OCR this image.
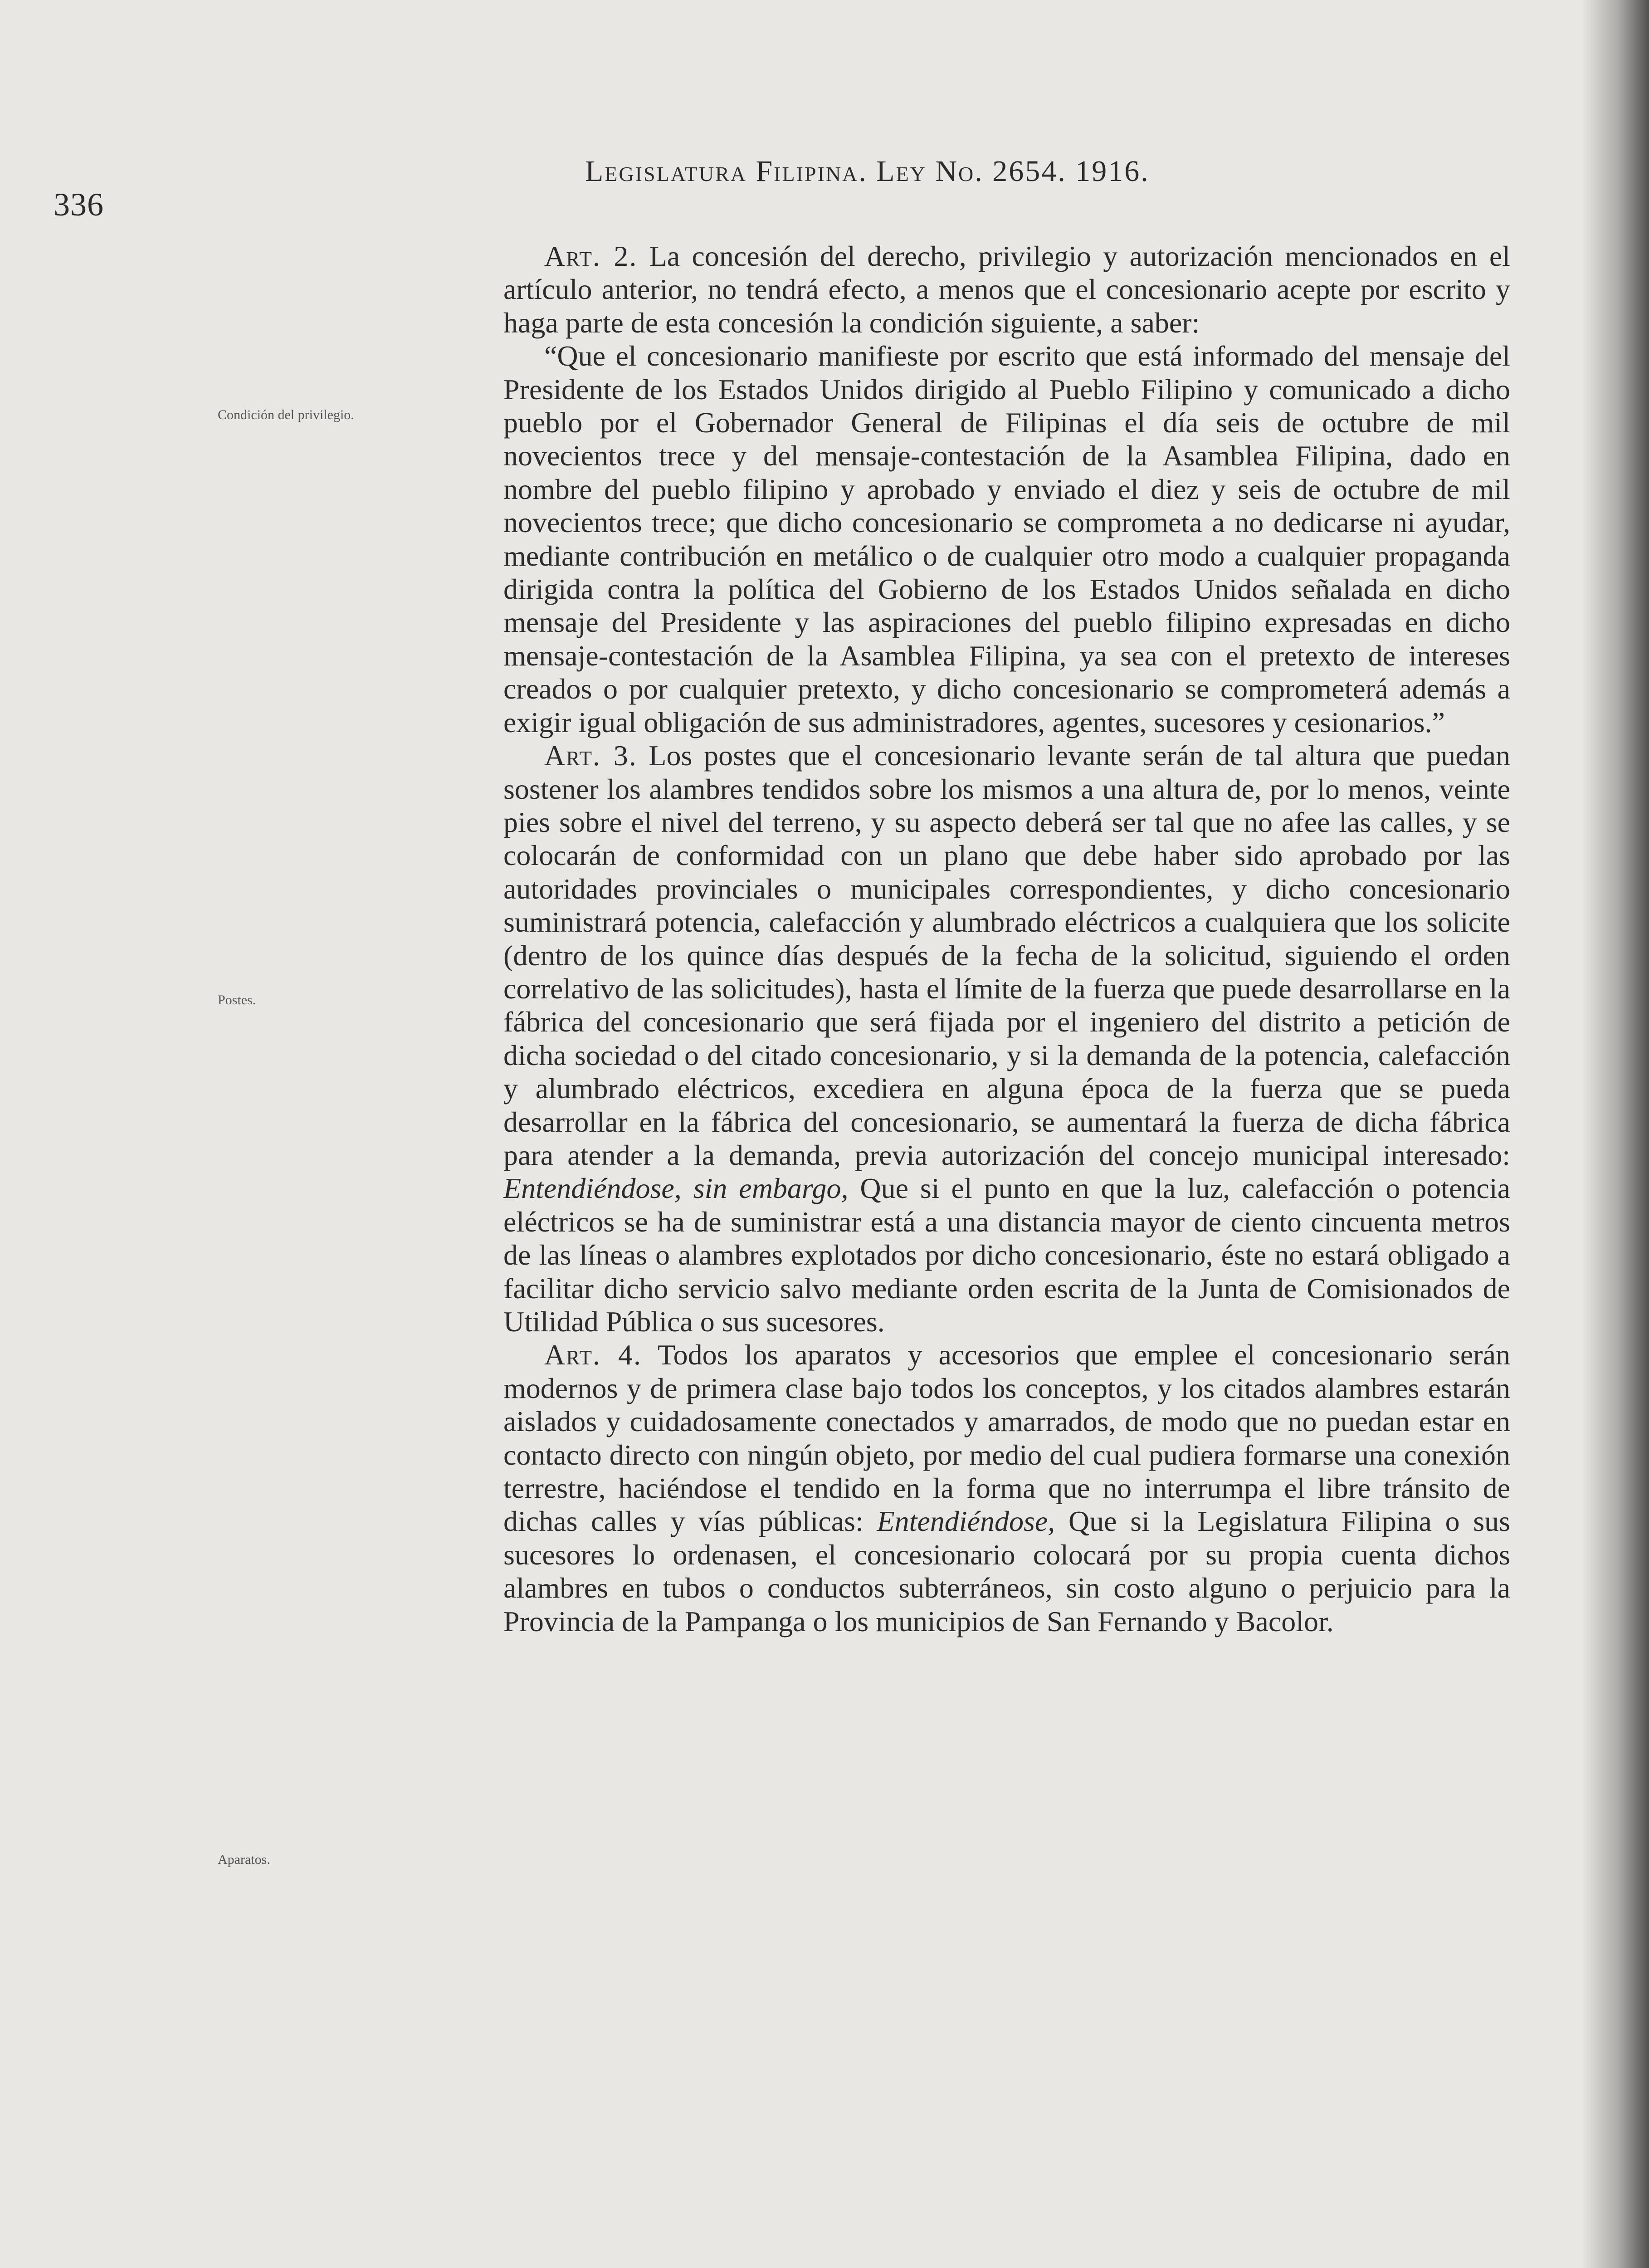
336
Legislatura Filipina. Ley No. 2654. 1916.
Condición del privilegio.
Postes.
Aparatos.

Art. 2. La concesión del derecho, privilegio y autorización mencionados en el artículo anterior, no tendrá efecto, a menos que el concesionario acepte por escrito y haga parte de esta concesión la condición siguiente, a saber:

“Que el concesionario manifieste por escrito que está informado del mensaje del Presidente de los Estados Unidos dirigido al Pueblo Filipino y comunicado a dicho pueblo por el Gobernador General de Filipinas el día seis de octubre de mil novecientos trece y del mensaje-contestación de la Asamblea Filipina, dado en nombre del pueblo filipino y aprobado y enviado el diez y seis de octubre de mil novecientos trece; que dicho concesionario se comprometa a no dedicarse ni ayudar, mediante contribución en metálico o de cualquier otro modo a cualquier propaganda dirigida contra la política del Gobierno de los Estados Unidos señalada en dicho mensaje del Presidente y las aspiraciones del pueblo filipino expresadas en dicho mensaje-contestación de la Asamblea Filipina, ya sea con el pretexto de intereses creados o por cualquier pretexto, y dicho concesionario se comprometerá además a exigir igual obligación de sus administradores, agentes, sucesores y cesionarios.”

Art. 3. Los postes que el concesionario levante serán de tal altura que puedan sostener los alambres tendidos sobre los mismos a una altura de, por lo menos, veinte pies sobre el nivel del terreno, y su aspecto deberá ser tal que no afee las calles, y se colocarán de conformidad con un plano que debe haber sido aprobado por las autoridades provinciales o municipales correspondientes, y dicho concesionario suministrará potencia, calefacción y alumbrado eléctricos a cualquiera que los solicite (dentro de los quince días después de la fecha de la solicitud, siguiendo el orden correlativo de las solicitudes), hasta el límite de la fuerza que puede desarrollarse en la fábrica del concesionario que será fijada por el ingeniero del distrito a petición de dicha sociedad o del citado concesionario, y si la demanda de la potencia, calefacción y alumbrado eléctricos, excediera en alguna época de la fuerza que se pueda desarrollar en la fábrica del concesionario, se aumentará la fuerza de dicha fábrica para atender a la demanda, previa autorización del concejo municipal interesado: Entendiéndose, sin embargo, Que si el punto en que la luz, calefacción o potencia eléctricos se ha de suministrar está a una distancia mayor de ciento cincuenta metros de las líneas o alambres explotados por dicho concesionario, éste no estará obligado a facilitar dicho servicio salvo mediante orden escrita de la Junta de Comisionados de Utilidad Pública o sus sucesores.

Art. 4. Todos los aparatos y accesorios que emplee el concesionario serán modernos y de primera clase bajo todos los conceptos, y los citados alambres estarán aislados y cuidadosamente conectados y amarrados, de modo que no puedan estar en contacto directo con ningún objeto, por medio del cual pudiera formarse una conexión terrestre, haciéndose el tendido en la forma que no interrumpa el libre tránsito de dichas calles y vías públicas: Entendiéndose, Que si la Legislatura Filipina o sus sucesores lo ordenasen, el concesionario colocará por su propia cuenta dichos alambres en tubos o conductos subterráneos, sin costo alguno o perjuicio para la Provincia de la Pampanga o los municipios de San Fernando y Bacolor.
